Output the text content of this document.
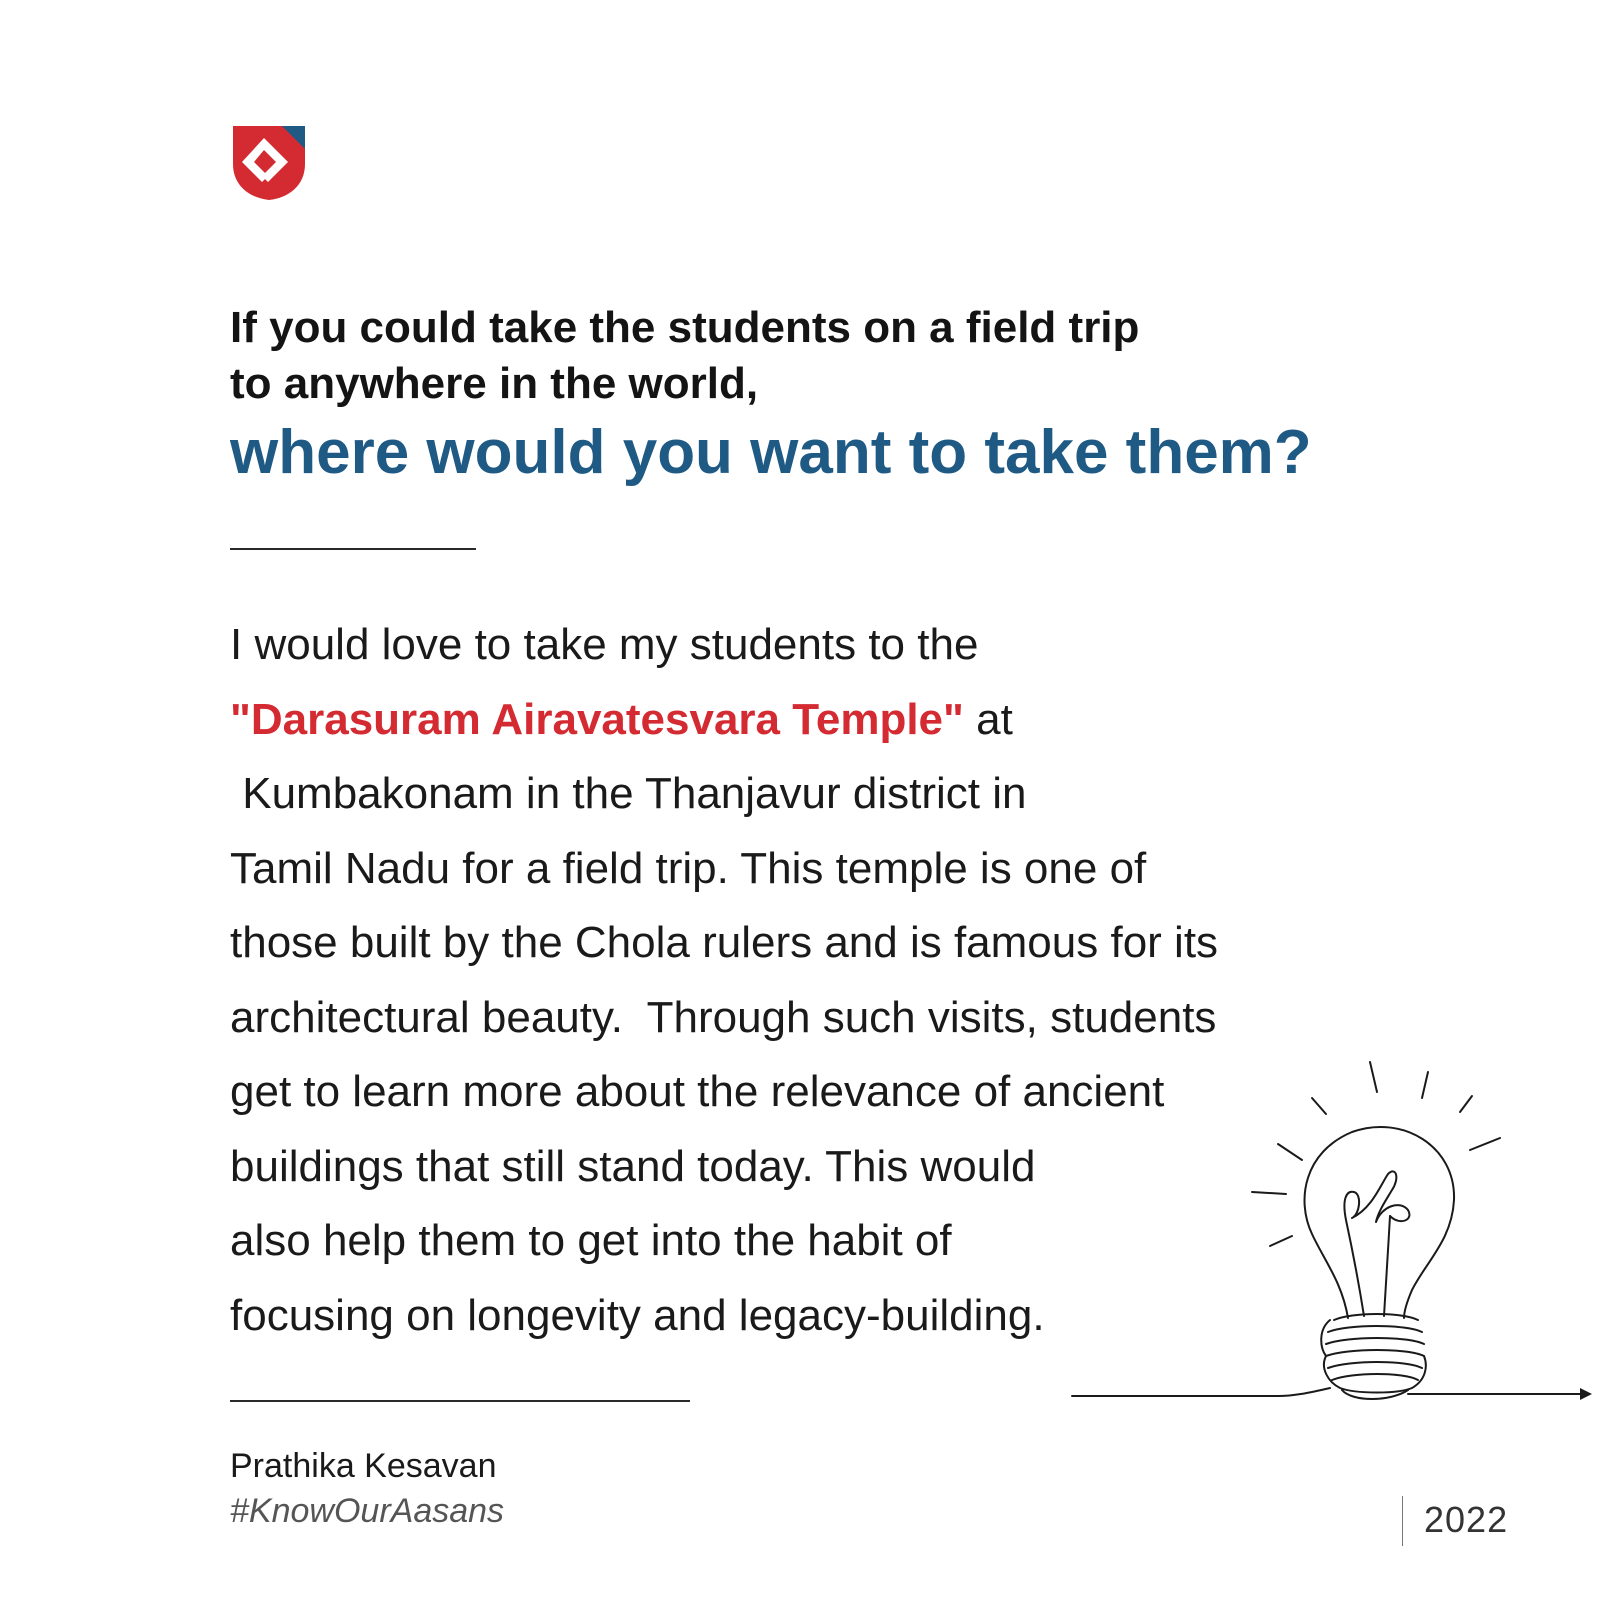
If you could take the students on a field trip
to anywhere in the world,
where would you want to take them?
I would love to take my students to the
"Darasuram Airavatesvara Temple" at
Kumbakonam in the Thanjavur district in
Tamil Nadu for a field trip. This temple is one of
those built by the Chola rulers and is famous for its
architectural beauty.  Through such visits, students
get to learn more about the relevance of ancient
buildings that still stand today. This would
also help them to get into the habit of
focusing on longevity and legacy-building.
Prathika Kesavan
#KnowOurAasans	2022
